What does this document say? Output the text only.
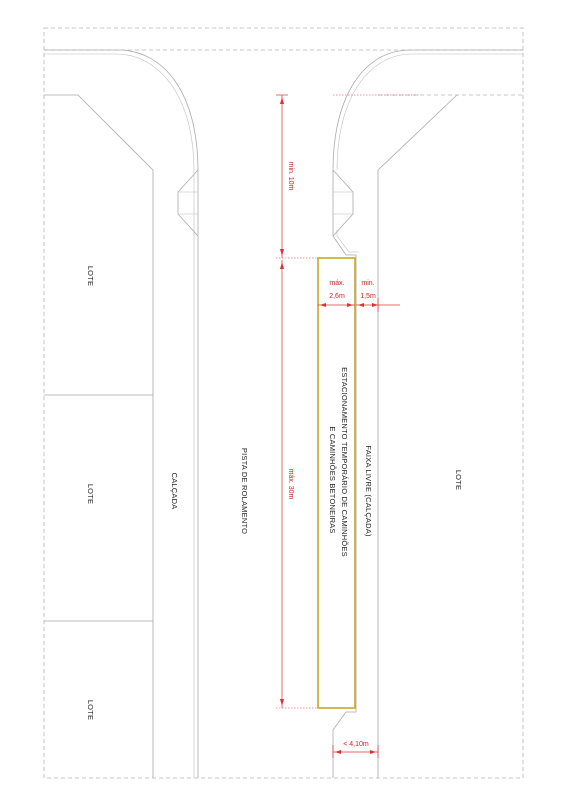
LOTE
LOTE
LOTE
LOTE
CALÇADA	PISTA DE ROLAMENTO	FAIXA LIVRE (CALÇADA)
ESTACIONAMENTO TEMPORÁRIO DE CAMINHÕES
E CAMINHÕES BETONEIRAS
min. 10m
máx. 30m
máx.
2,6m
min.
1,5m
< 4,10m
